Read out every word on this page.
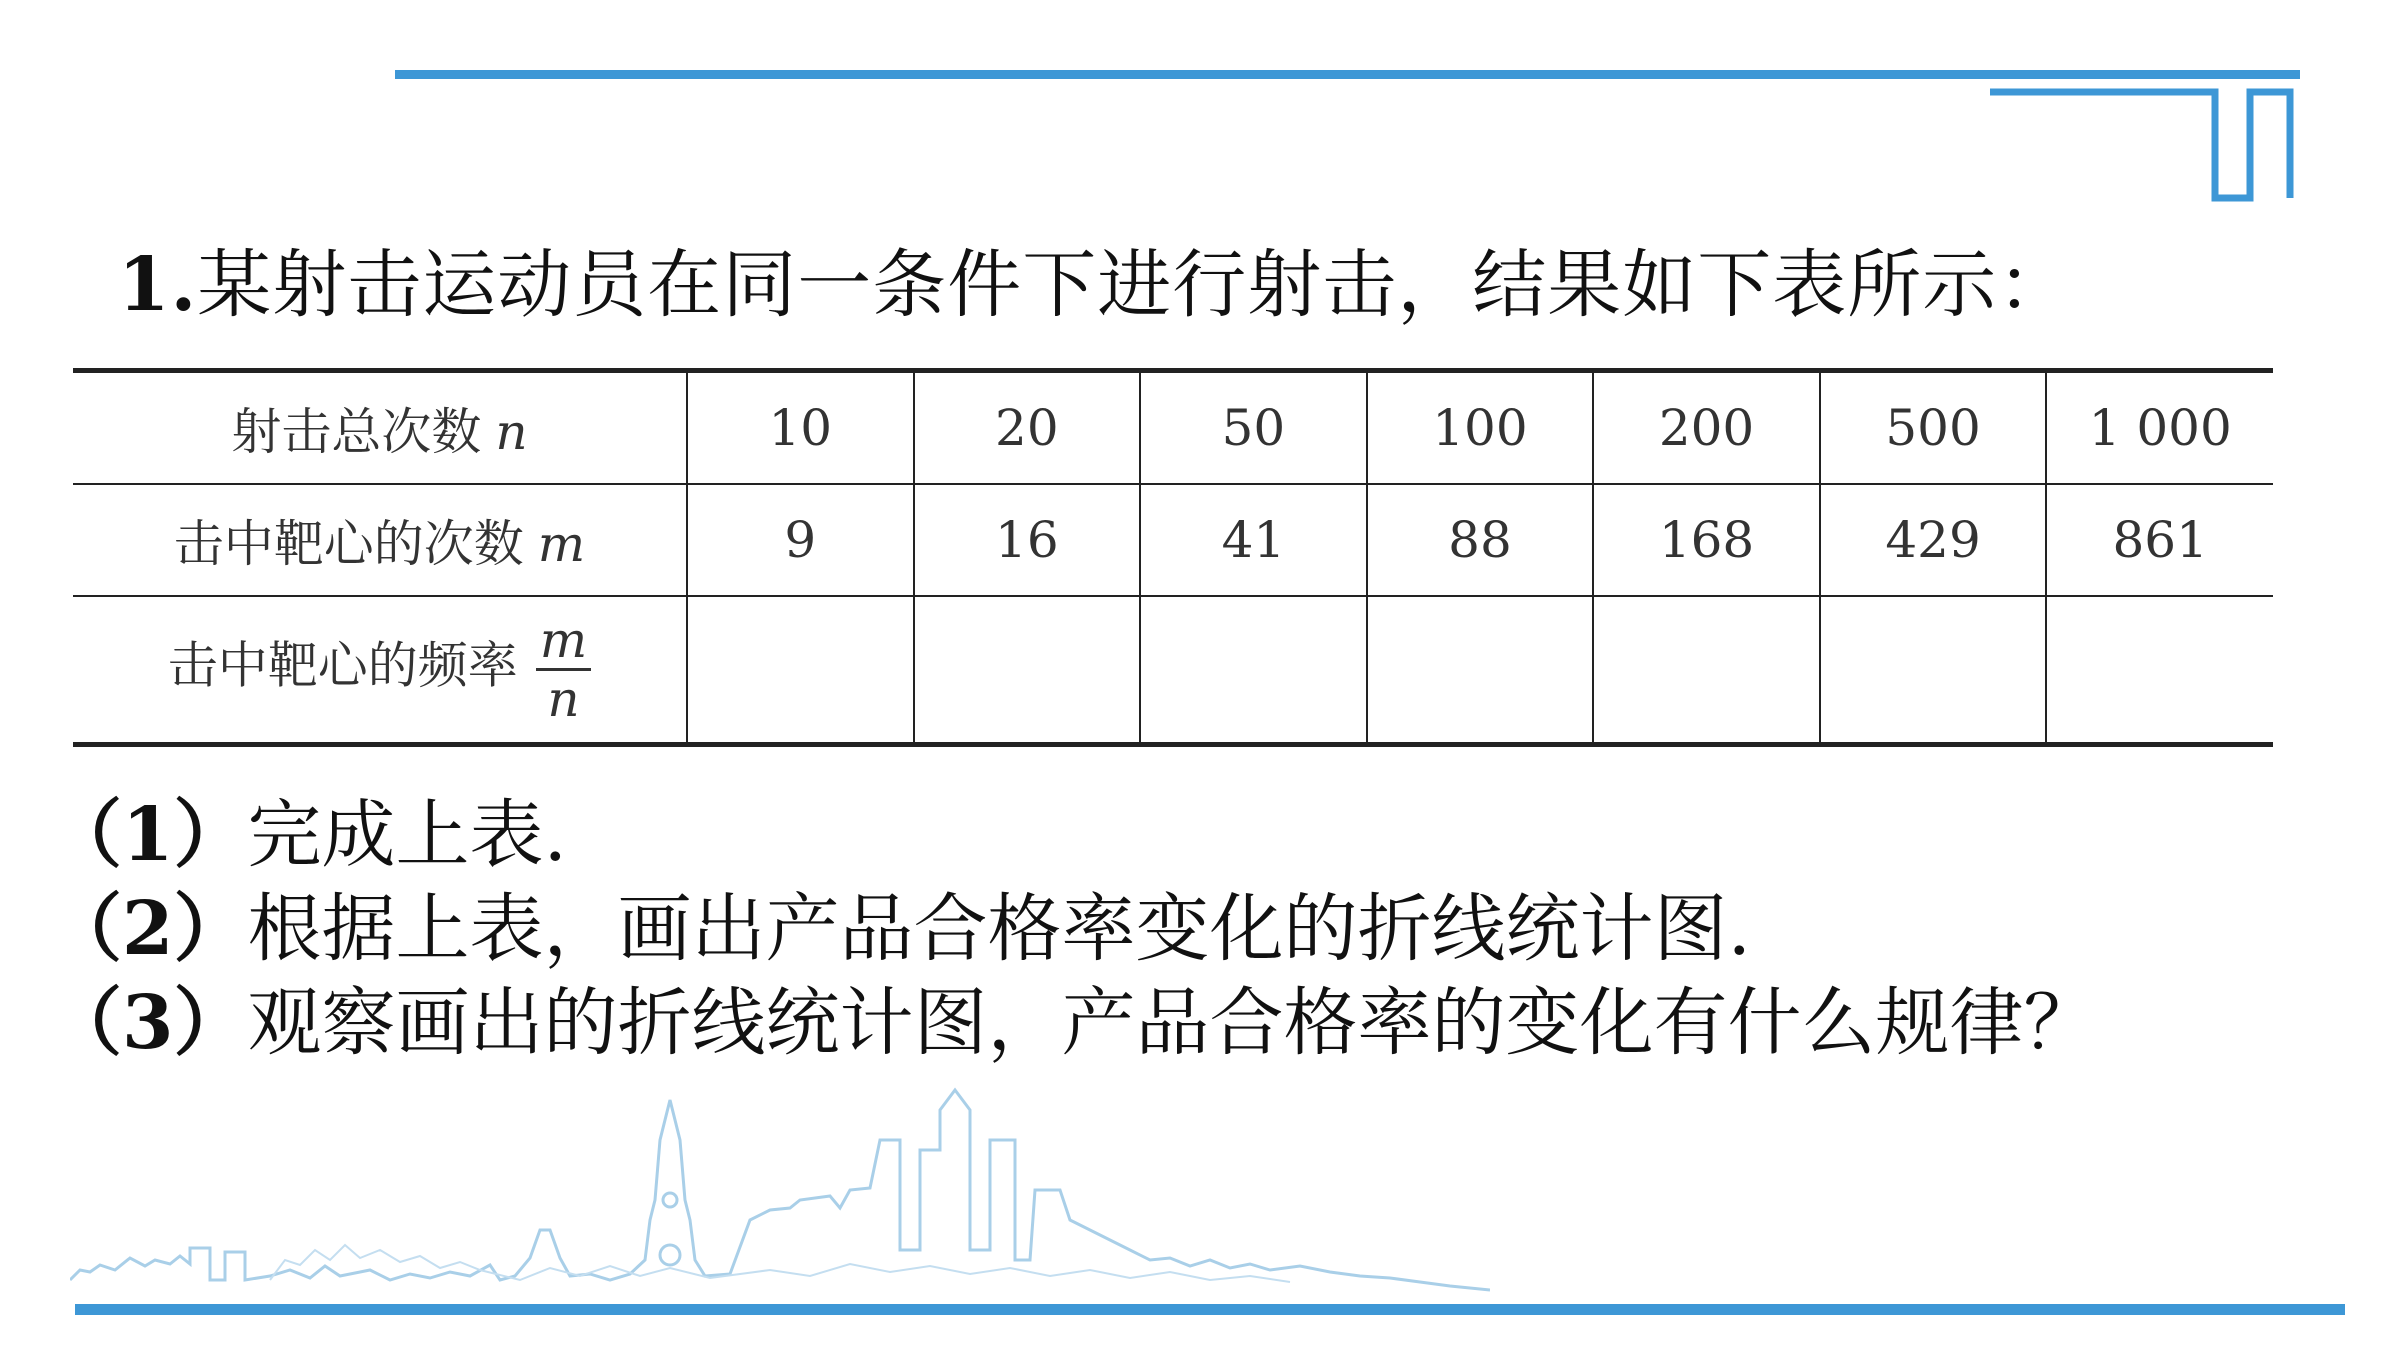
1.某射击运动员在同一条件下进行射击，结果如下表所示：
射击总次数 n	10	20	50	100	200	500	1 000
击中靶心的次数 m	9	16	41	88	168	429	861
击中靶心的频率 $\frac{m}{n}$

（1）完成上表.
（2）根据上表，画出产品合格率变化的折线统计图.
（3）观察画出的折线统计图，产品合格率的变化有什么规律？
